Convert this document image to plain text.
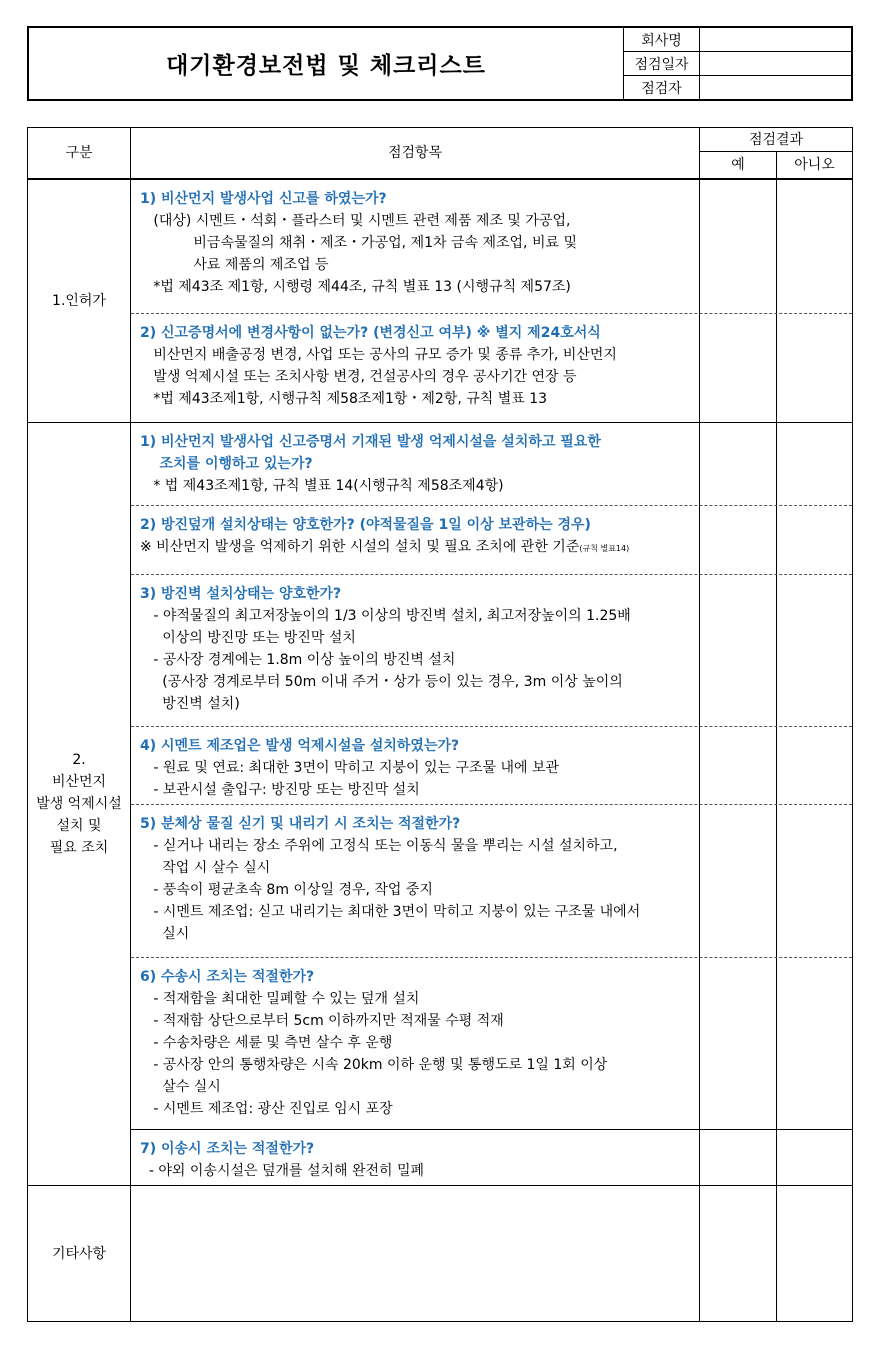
대기환경보전법 및 체크리스트
회사명
점검일자
점검자
구분	점검항목
점검결과
예	아니오
1.인허가
2.
비산먼지
발생 억제시설
설치 및
필요 조치
기타사항
1) 비산먼지 발생사업 신고를 하였는가?
(대상) 시멘트・석회・플라스터 및 시멘트 관련 제품 제조 및 가공업,
비금속물질의 채취・제조・가공업, 제1차 금속 제조업, 비료 및
사료 제품의 제조업 등
*법 제43조 제1항, 시행령 제44조, 규칙 별표 13 (시행규칙 제57조)
2) 신고증명서에 변경사항이 없는가? (변경신고 여부) ※ 별지 제24호서식
비산먼지 배출공정 변경, 사업 또는 공사의 규모 증가 및 종류 추가, 비산먼지
발생 억제시설 또는 조치사항 변경, 건설공사의 경우 공사기간 연장 등
*법 제43조제1항, 시행규칙 제58조제1항・제2항, 규칙 별표 13
1) 비산먼지 발생사업 신고증명서 기재된 발생 억제시설을 설치하고 필요한
조치를 이행하고 있는가?
* 법 제43조제1항, 규칙 별표 14(시행규칙 제58조제4항)
2) 방진덮개 설치상태는 양호한가? (야적물질을 1일 이상 보관하는 경우)
※ 비산먼지 발생을 억제하기 위한 시설의 설치 및 필요 조치에 관한 기준(규칙 별표14)
3) 방진벽 설치상태는 양호한가?
- 야적물질의 최고저장높이의 1/3 이상의 방진벽 설치, 최고저장높이의 1.25배
이상의 방진망 또는 방진막 설치
- 공사장 경계에는 1.8m 이상 높이의 방진벽 설치
(공사장 경계로부터 50m 이내 주거・상가 등이 있는 경우, 3m 이상 높이의
방진벽 설치)
4) 시멘트 제조업은 발생 억제시설을 설치하였는가?
- 원료 및 연료: 최대한 3면이 막히고 지붕이 있는 구조물 내에 보관
- 보관시설 출입구: 방진망 또는 방진막 설치
5) 분체상 물질 싣기 및 내리기 시 조치는 적절한가?
- 싣거나 내리는 장소 주위에 고정식 또는 이동식 물을 뿌리는 시설 설치하고,
작업 시 살수 실시
- 풍속이 평균초속 8m 이상일 경우, 작업 중지
- 시멘트 제조업: 싣고 내리기는 최대한 3면이 막히고 지붕이 있는 구조물 내에서
실시
6) 수송시 조치는 적절한가?
- 적재함을 최대한 밀폐할 수 있는 덮개 설치
- 적재함 상단으로부터 5cm 이하까지만 적재물 수평 적재
- 수송차량은 세륜 및 측면 살수 후 운행
- 공사장 안의 통행차량은 시속 20km 이하 운행 및 통행도로 1일 1회 이상
살수 실시
- 시멘트 제조업: 광산 진입로 임시 포장
7) 이송시 조치는 적절한가?
- 야외 이송시설은 덮개를 설치해 완전히 밀폐
